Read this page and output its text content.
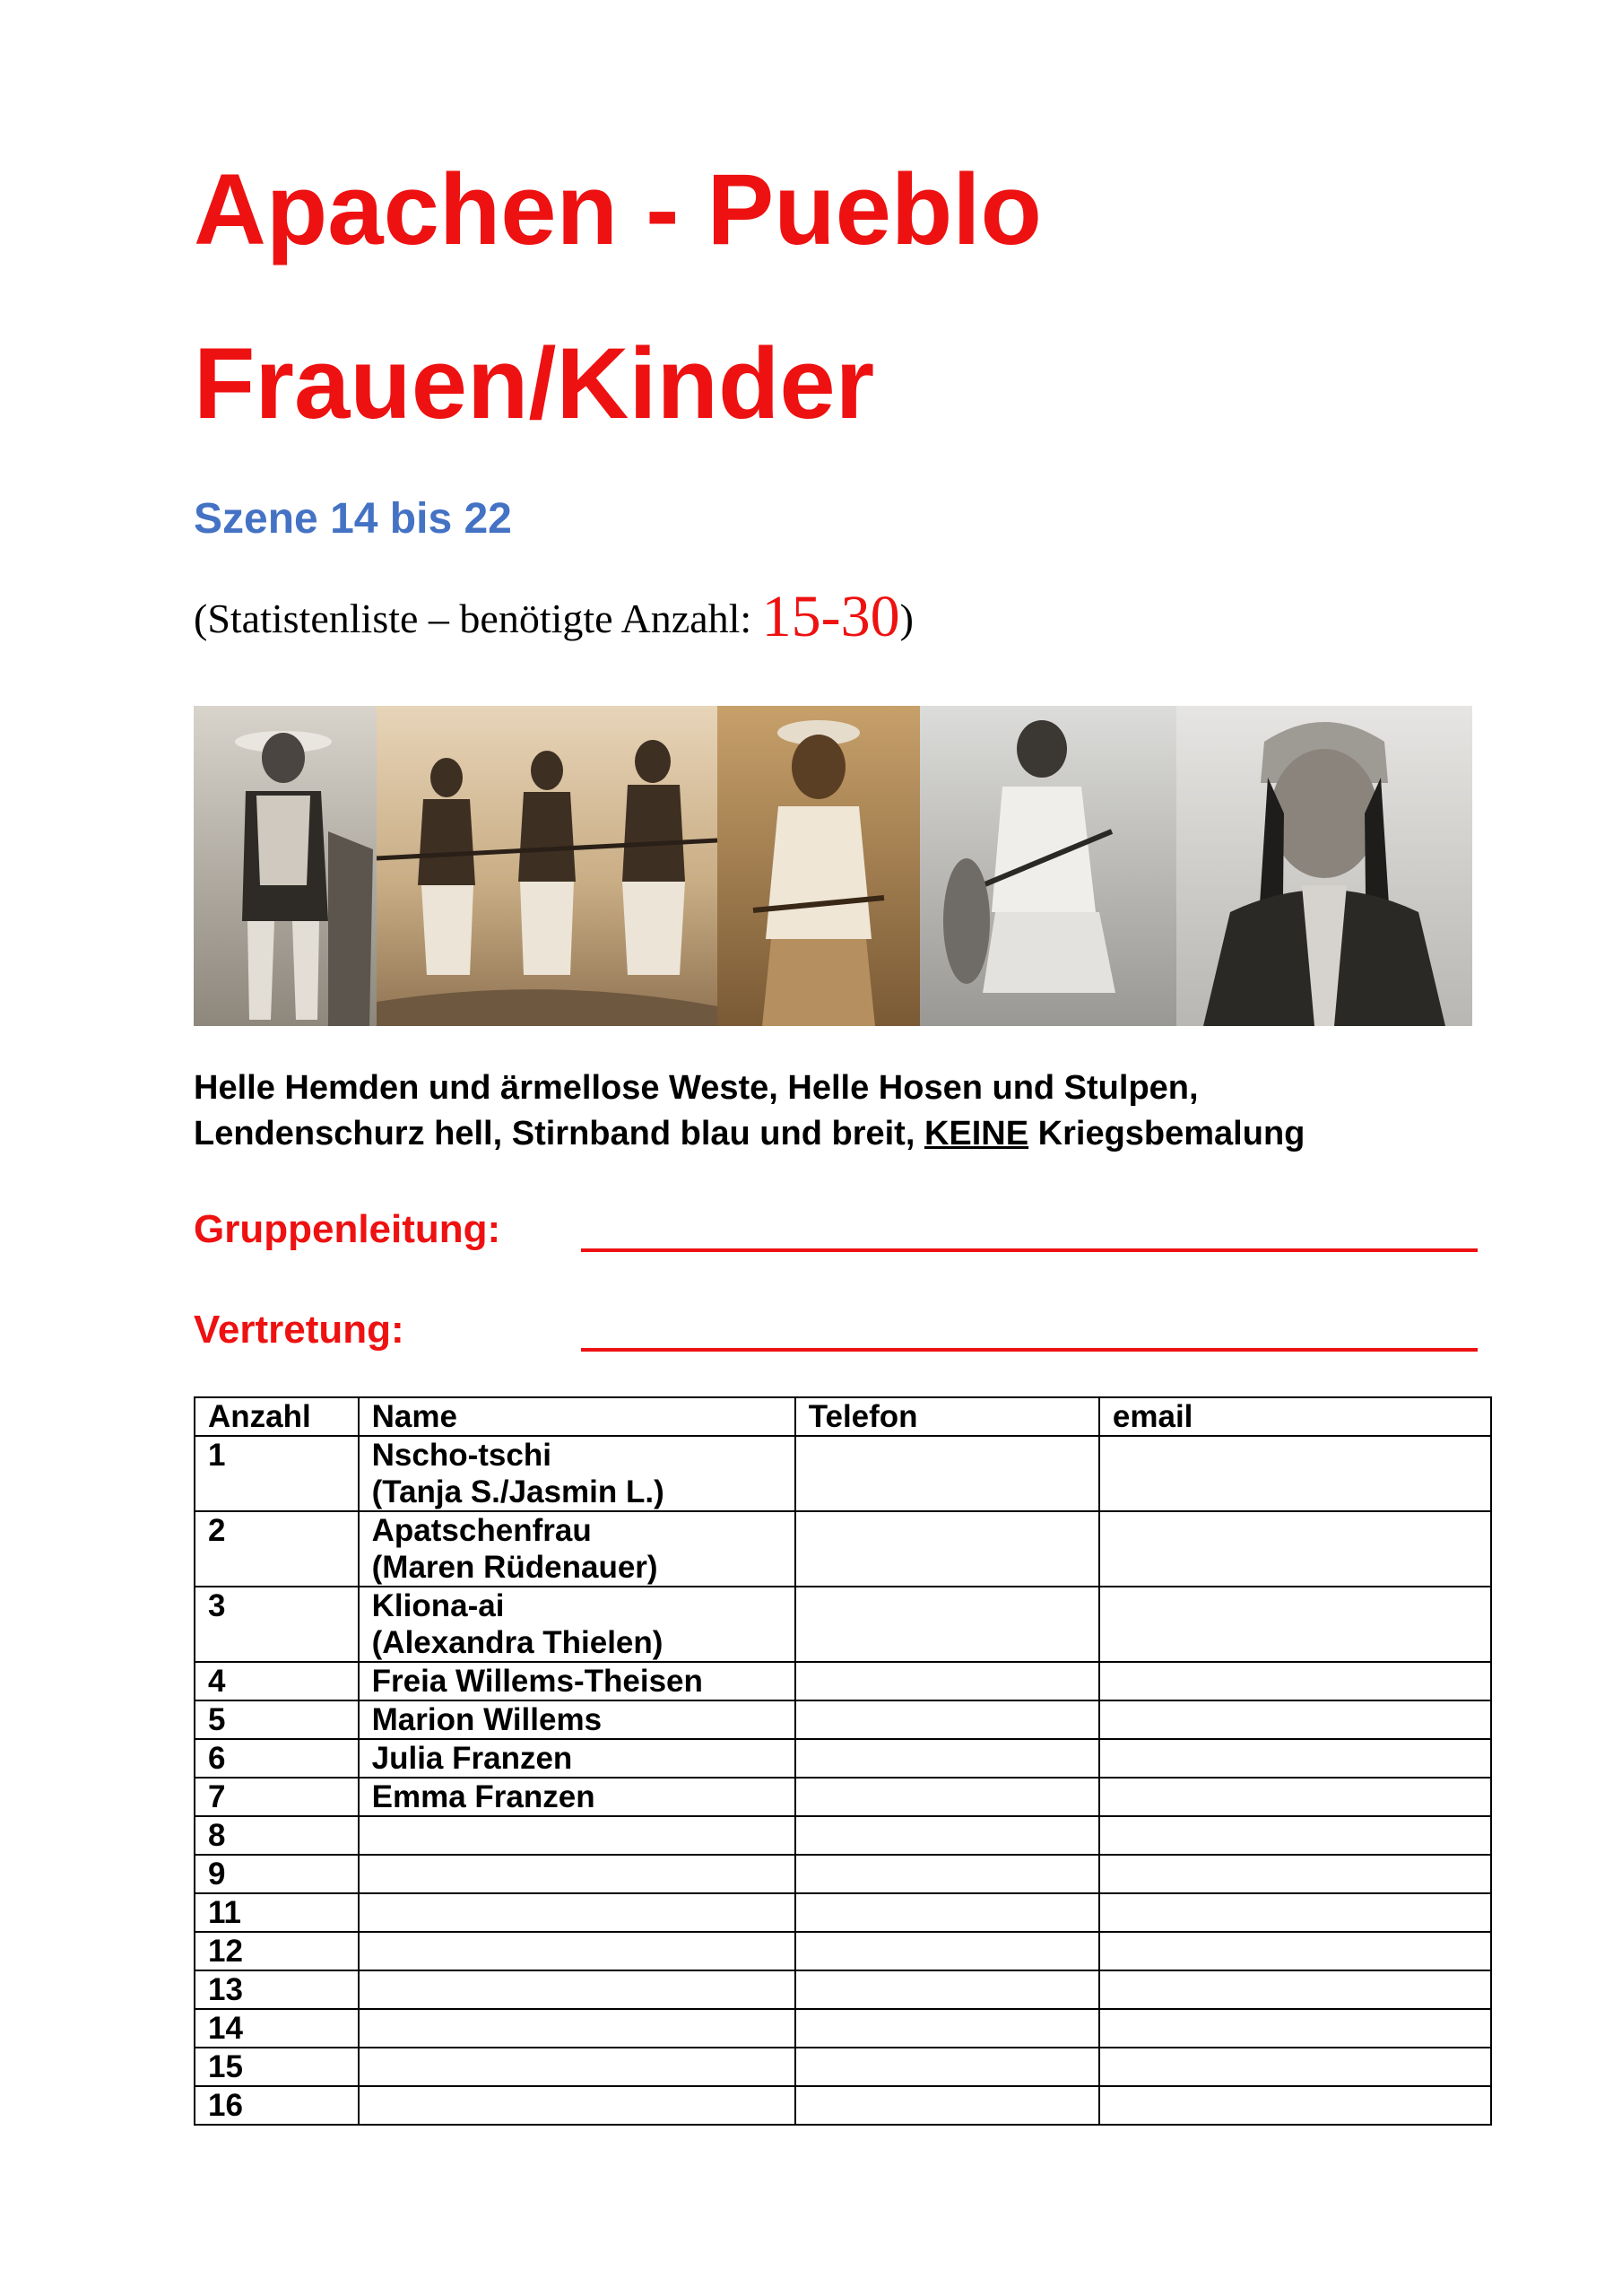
Apachen - Pueblo
Frauen/Kinder
Szene 14 bis 22

(Statistenliste – benötigte Anzahl: 15-30)

Helle Hemden und ärmellose Weste, Helle Hosen und Stulpen,
Lendenschurz hell, Stirnband blau und breit, KEINE Kriegsbemalung

Gruppenleitung:

Vertretung:

Anzahl	Name	Telefon	email
1	Nscho-tschi
(Tanja S./Jasmin L.)		
2	Apatschenfrau
(Maren Rüdenauer)		
3	Kliona-ai
(Alexandra Thielen)		
4	Freia Willems-Theisen		
5	Marion Willems		
6	Julia Franzen		
7	Emma Franzen		
8			
9			
11			
12			
13			
14			
15			
16			
